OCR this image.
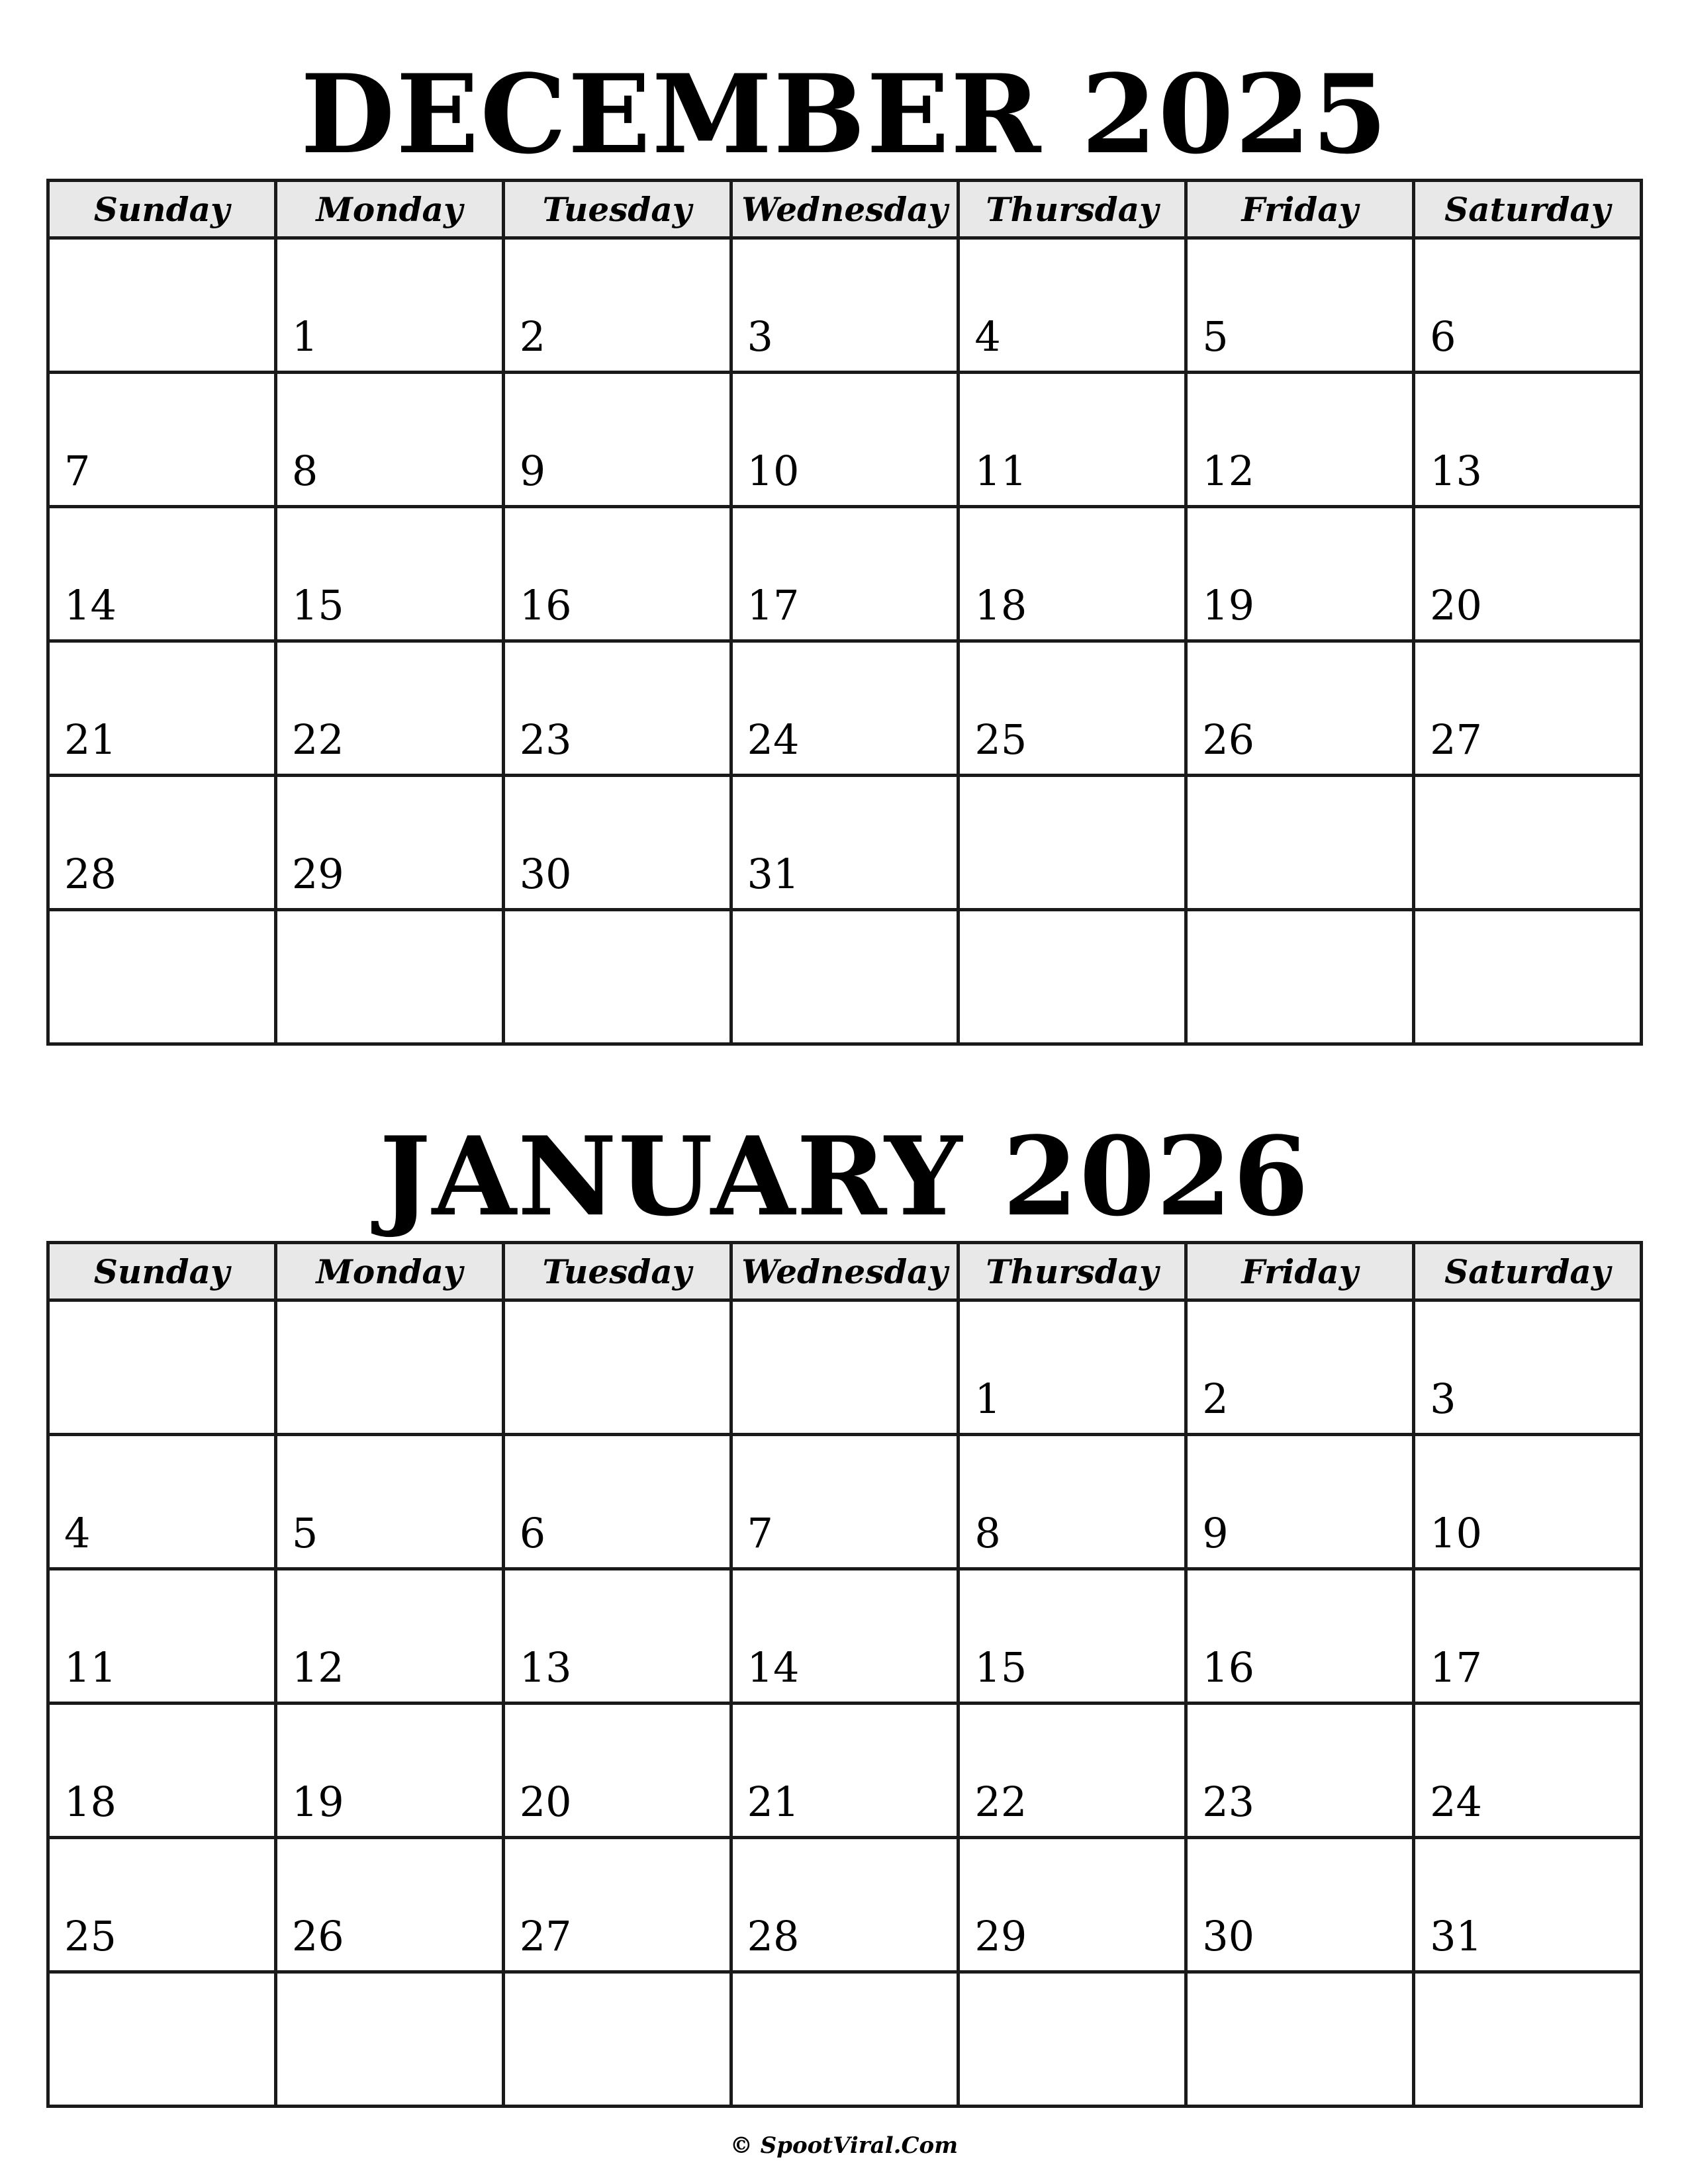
DECEMBER 2025
Sunday	Monday	Tuesday	Wednesday	Thursday	Friday	Saturday

	1	2	3	4	5	6

7	8	9	10	11	12	13

14	15	16	17	18	19	20

21	22	23	24	25	26	27

28	29	30	31			

JANUARY 2026
Sunday	Monday	Tuesday	Wednesday	Thursday	Friday	Saturday

				1	2	3

4	5	6	7	8	9	10

11	12	13	14	15	16	17

18	19	20	21	22	23	24

25	26	27	28	29	30	31

© SpootViral.Com
